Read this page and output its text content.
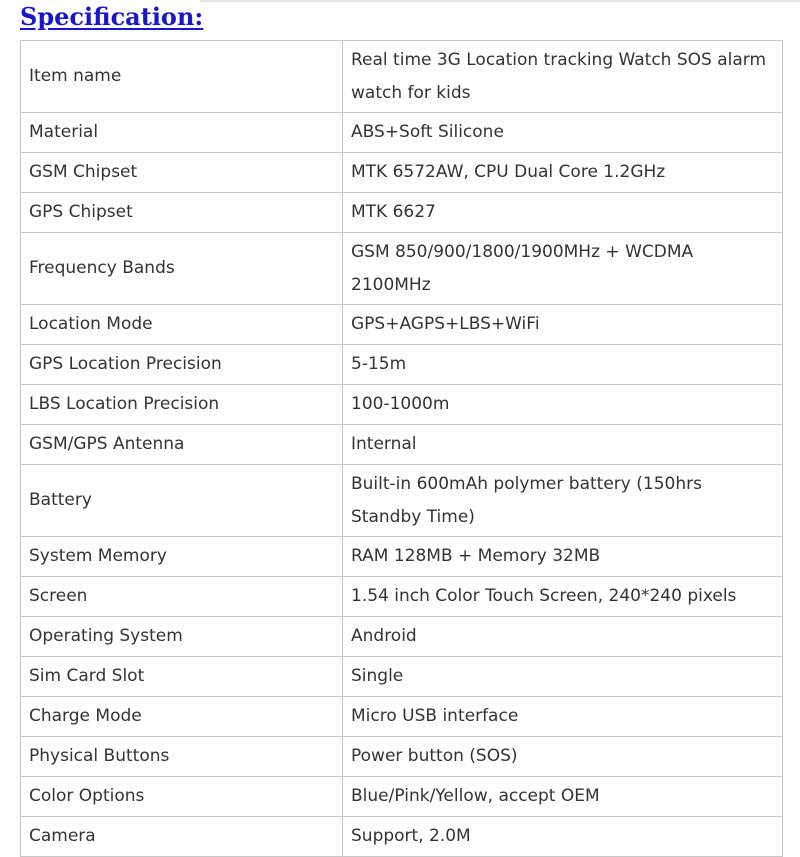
Specification:
Item name	Real time 3G Location tracking Watch SOS alarm watch for kids
Material	ABS+Soft Silicone
GSM Chipset	MTK 6572AW, CPU Dual Core 1.2GHz
GPS Chipset	MTK 6627
Frequency Bands	GSM 850/900/1800/1900MHz + WCDMA 2100MHz
Location Mode	GPS+AGPS+LBS+WiFi
GPS Location Precision	5-15m
LBS Location Precision	100-1000m
GSM/GPS Antenna	Internal
Battery	Built-in 600mAh polymer battery (150hrs Standby Time)
System Memory	RAM 128MB + Memory 32MB
Screen	1.54 inch Color Touch Screen, 240*240 pixels
Operating System	Android
Sim Card Slot	Single
Charge Mode	Micro USB interface
Physical Buttons	Power button (SOS)
Color Options	Blue/Pink/Yellow, accept OEM
Camera	Support, 2.0M
